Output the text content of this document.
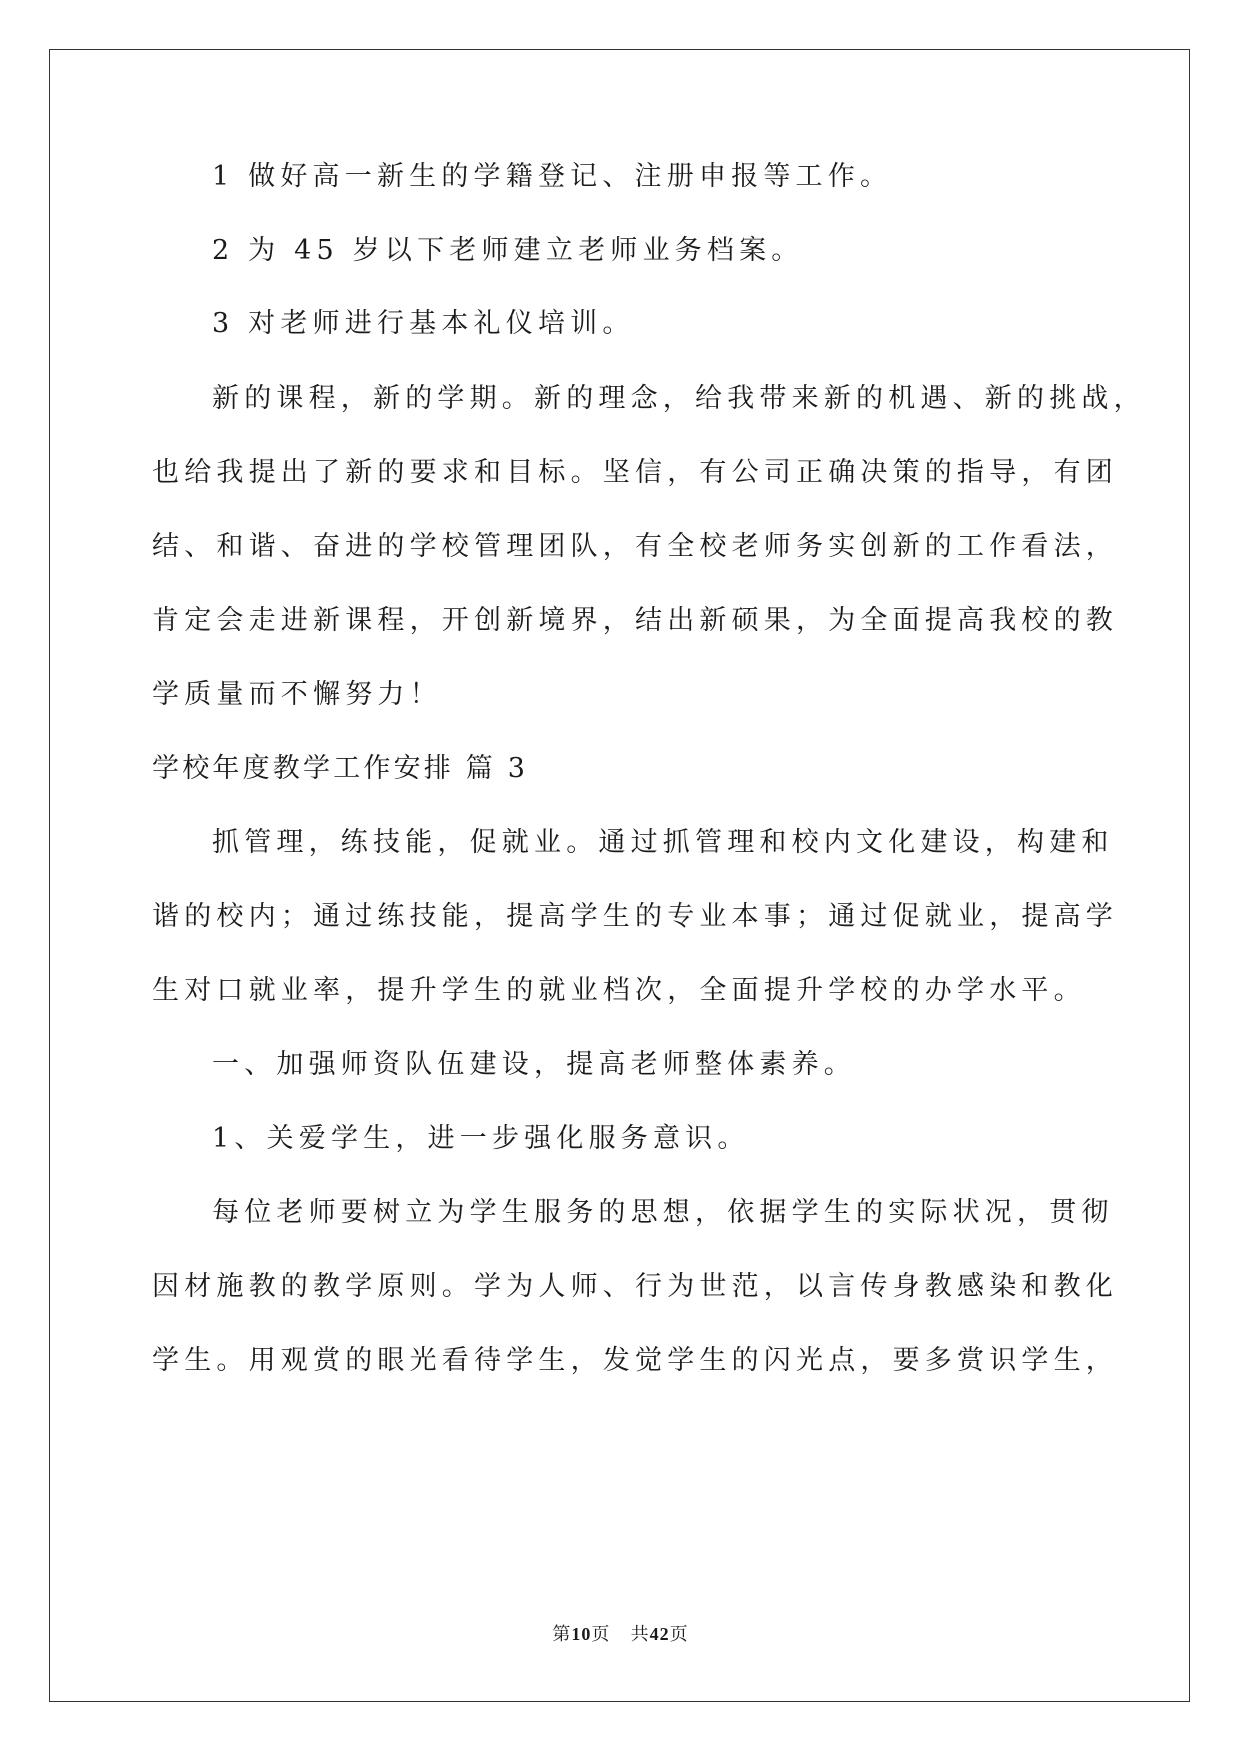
1 做好高一新生的学籍登记、注册申报等工作。
2 为 45 岁以下老师建立老师业务档案。
3 对老师进行基本礼仪培训。
新的课程，新的学期。新的理念，给我带来新的机遇、新的挑战，
也给我提出了新的要求和目标。坚信，有公司正确决策的指导，有团
结、和谐、奋进的学校管理团队，有全校老师务实创新的工作看法，
肯定会走进新课程，开创新境界，结出新硕果，为全面提高我校的教
学质量而不懈努力！
学校年度教学工作安排 篇 3
抓管理，练技能，促就业。通过抓管理和校内文化建设，构建和
谐的校内；通过练技能，提高学生的专业本事；通过促就业，提高学
生对口就业率，提升学生的就业档次，全面提升学校的办学水平。
一、加强师资队伍建设，提高老师整体素养。
1、关爱学生，进一步强化服务意识。
每位老师要树立为学生服务的思想，依据学生的实际状况，贯彻
因材施教的教学原则。学为人师、行为世范，以言传身教感染和教化
学生。用观赏的眼光看待学生，发觉学生的闪光点，要多赏识学生，
第10页 共42页
